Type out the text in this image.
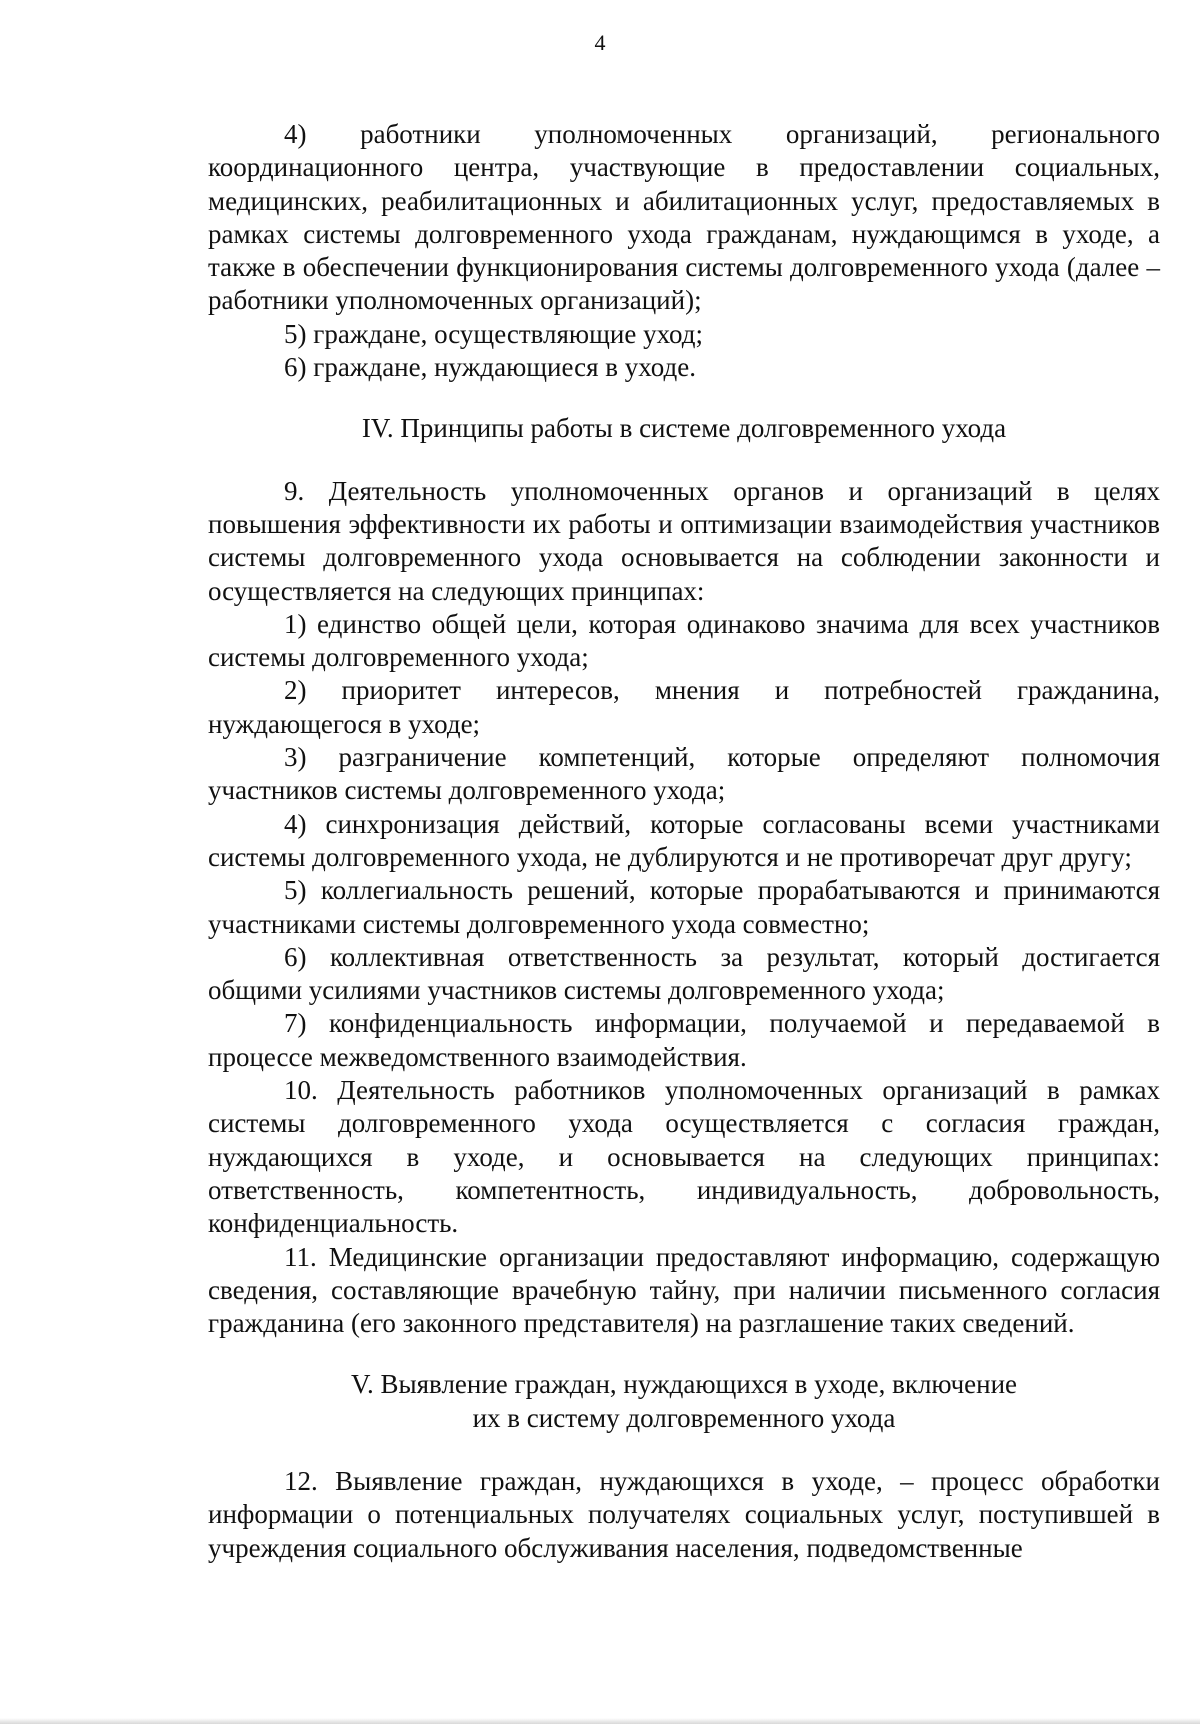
4

4) работники уполномоченных организаций, регионального координационного центра, участвующие в предоставлении социальных, медицинских, реабилитационных и абилитационных услуг, предоставляемых в рамках системы долговременного ухода гражданам, нуждающимся в уходе, а также в обеспечении функционирования системы долговременного ухода (далее – работники уполномоченных организаций);

5) граждане, осуществляющие уход;

6) граждане, нуждающиеся в уходе.

IV. Принципы работы в системе долговременного ухода

9. Деятельность уполномоченных органов и организаций в целях повышения эффективности их работы и оптимизации взаимодействия участников системы долговременного ухода основывается на соблюдении законности и осуществляется на следующих принципах:

1) единство общей цели, которая одинаково значима для всех участников системы долговременного ухода;

2) приоритет интересов, мнения и потребностей гражданина, нуждающегося в уходе;

3) разграничение компетенций, которые определяют полномочия участников системы долговременного ухода;

4) синхронизация действий, которые согласованы всеми участниками системы долговременного ухода, не дублируются и не противоречат друг другу;

5) коллегиальность решений, которые прорабатываются и принимаются участниками системы долговременного ухода совместно;

6) коллективная ответственность за результат, который достигается общими усилиями участников системы долговременного ухода;

7) конфиденциальность информации, получаемой и передаваемой в процессе межведомственного взаимодействия.

10. Деятельность работников уполномоченных организаций в рамках системы долговременного ухода осуществляется с согласия граждан, нуждающихся в уходе, и основывается на следующих принципах: ответственность, компетентность, индивидуальность, добровольность, конфиденциальность.

11. Медицинские организации предоставляют информацию, содержащую сведения, составляющие врачебную тайну, при наличии письменного согласия гражданина (его законного представителя) на разглашение таких сведений.

V. Выявление граждан, нуждающихся в уходе, включение

их в систему долговременного ухода

12. Выявление граждан, нуждающихся в уходе, – процесс обработки информации о потенциальных получателях социальных услуг, поступившей в учреждения социального обслуживания населения, подведомственные
